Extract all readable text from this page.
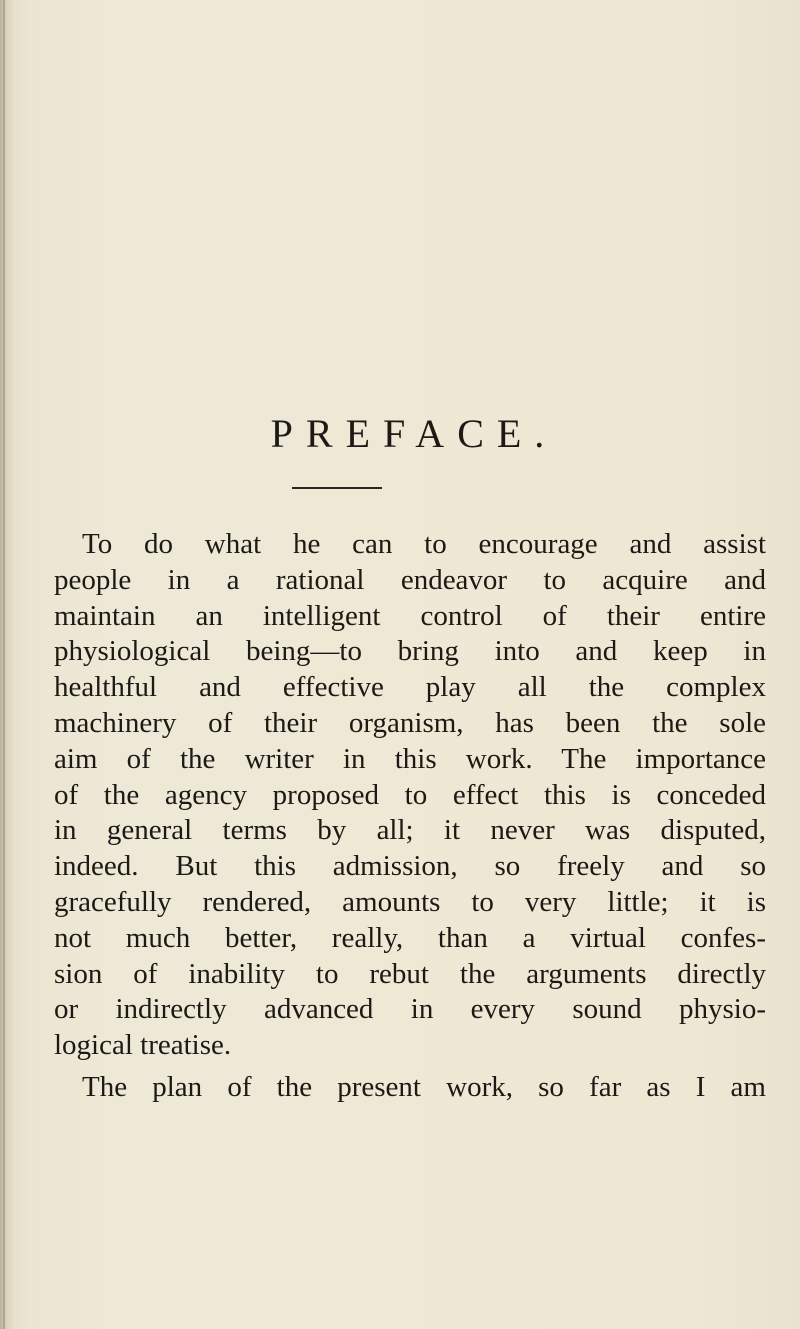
PREFACE.
To do what he can to encourage and assist
people in a rational endeavor to acquire and
maintain an intelligent control of their entire
physiological being—to bring into and keep in
healthful and effective play all the complex
machinery of their organism, has been the sole
aim of the writer in this work. The importance
of the agency proposed to effect this is conceded
in general terms by all; it never was disputed,
indeed. But this admission, so freely and so
gracefully rendered, amounts to very little; it is
not much better, really, than a virtual confes-
sion of inability to rebut the arguments directly
or indirectly advanced in every sound physio-
logical treatise.
The plan of the present work, so far as I am
